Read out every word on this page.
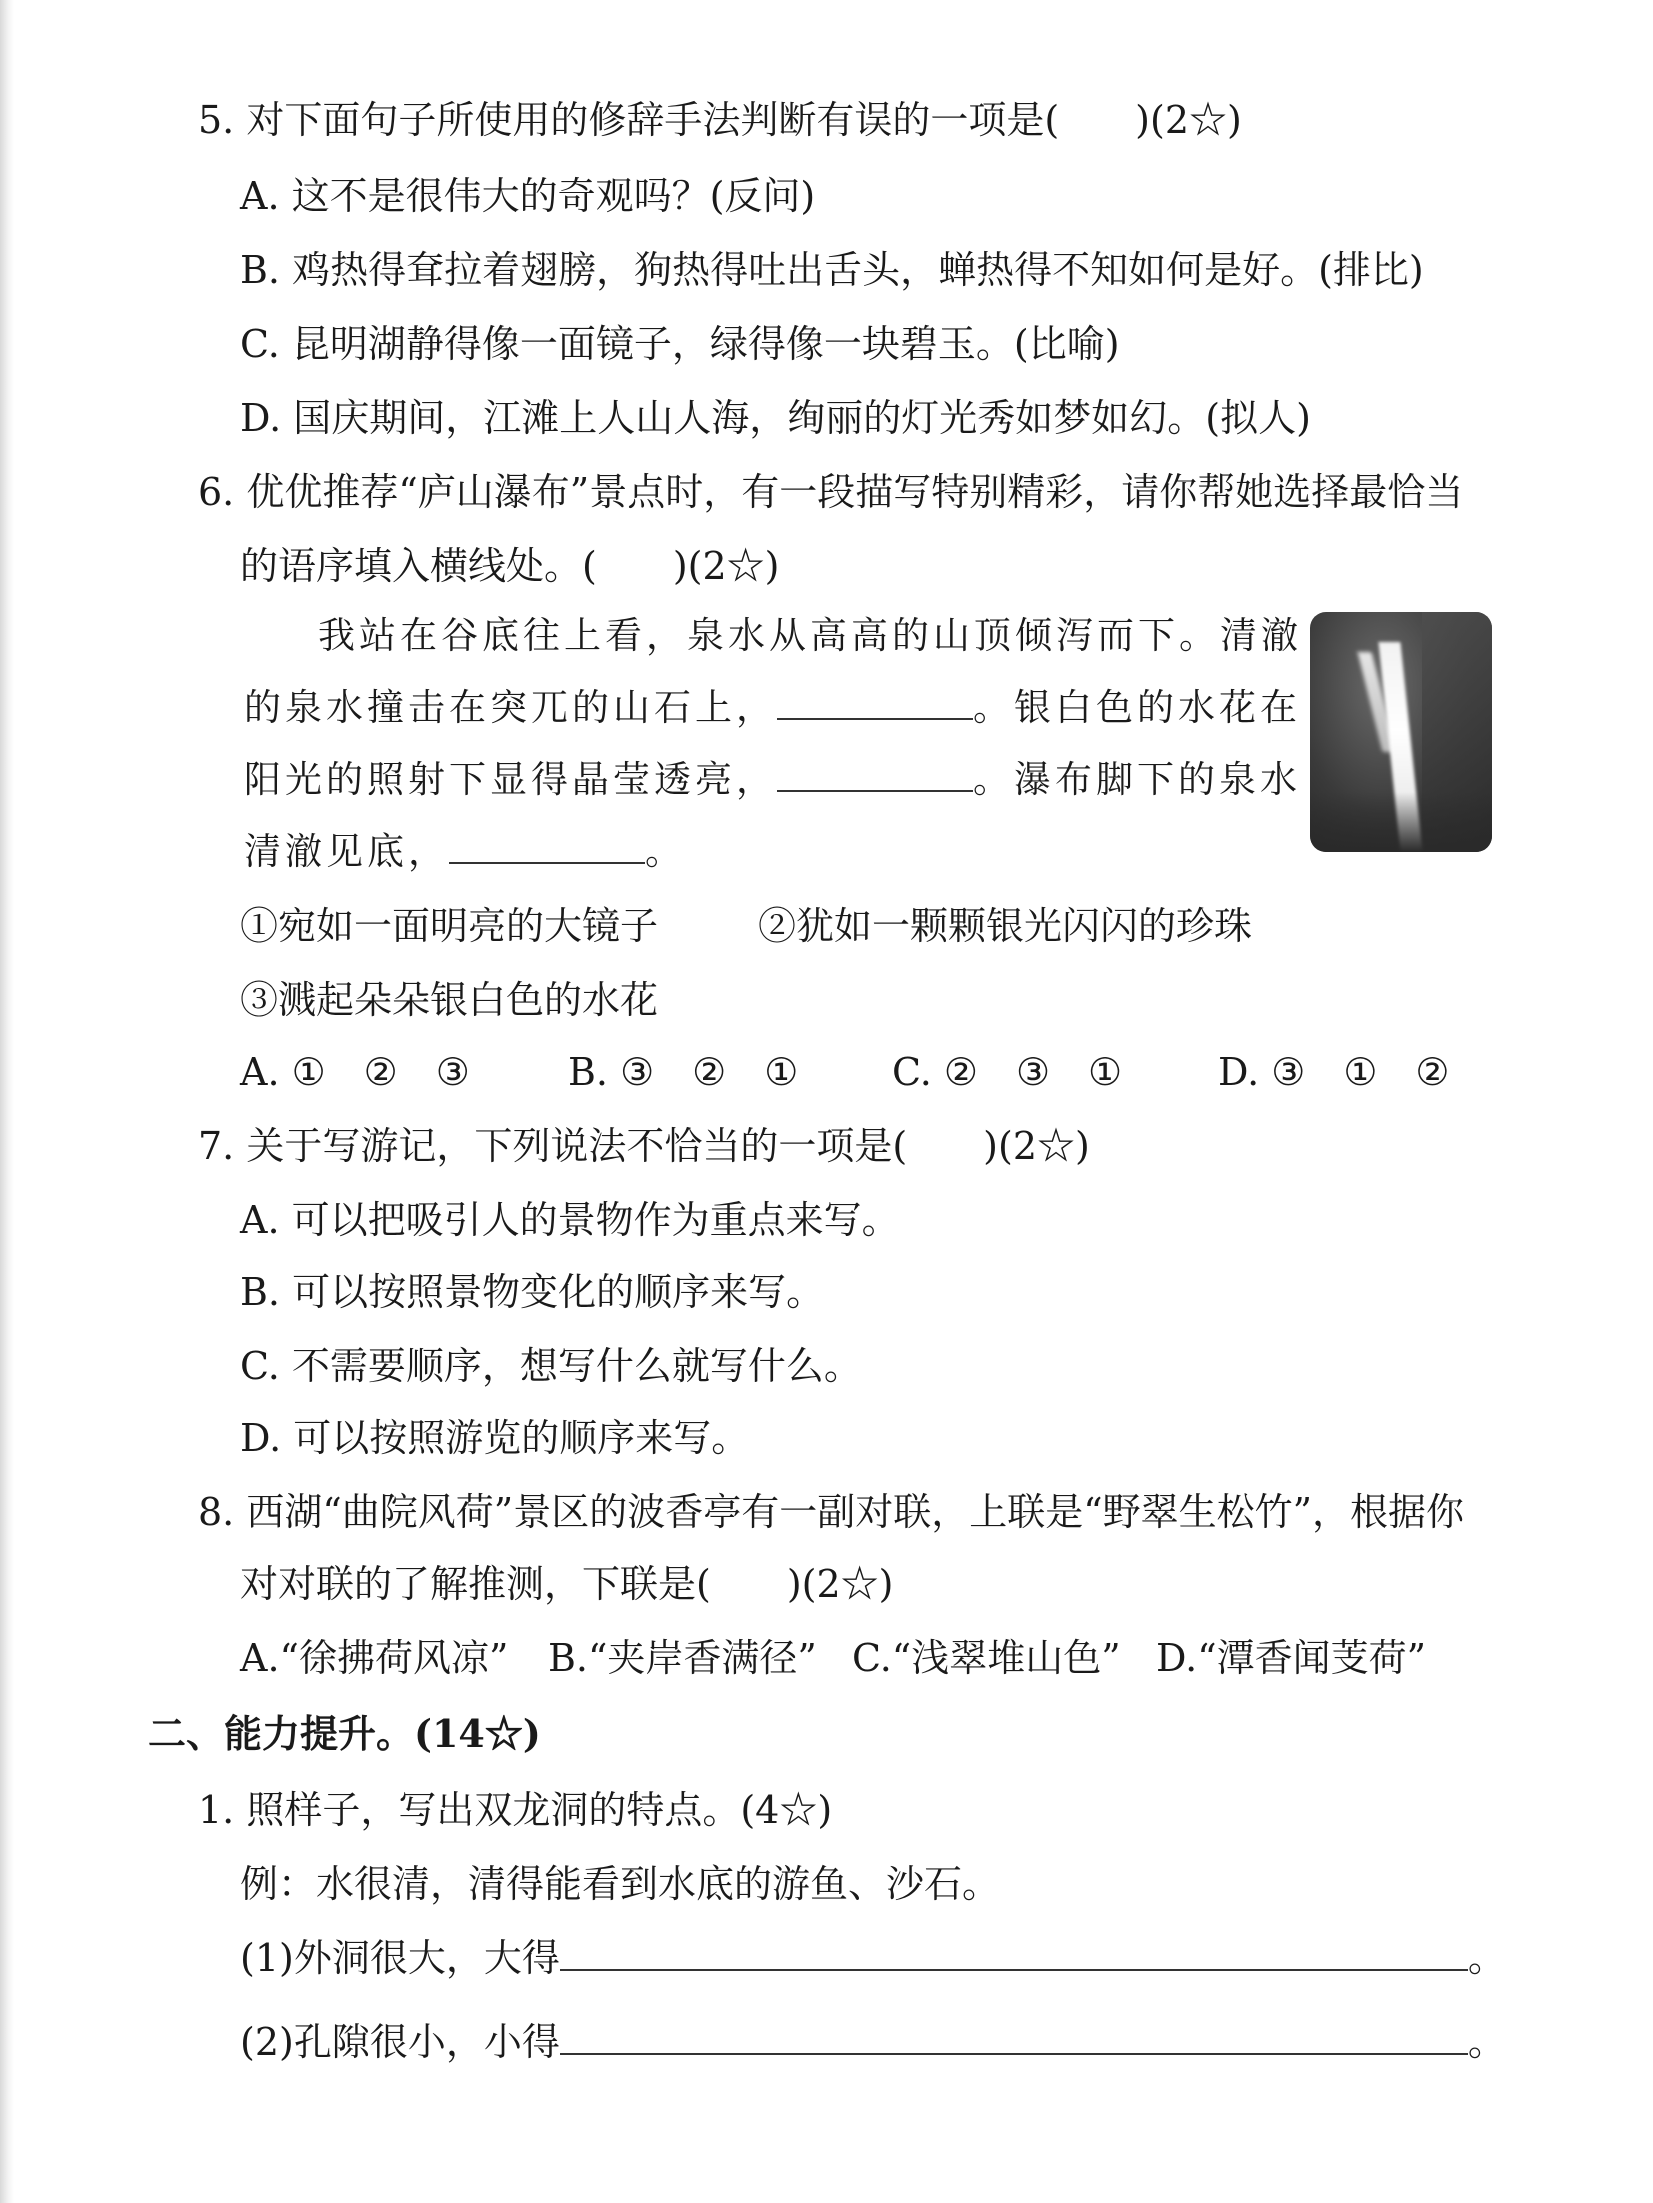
5. 对下面句子所使用的修辞手法判断有误的一项是(　　)(2☆)
A. 这不是很伟大的奇观吗？(反问)
B. 鸡热得耷拉着翅膀，狗热得吐出舌头，蝉热得不知如何是好。(排比)
C. 昆明湖静得像一面镜子，绿得像一块碧玉。(比喻)
D. 国庆期间，江滩上人山人海，绚丽的灯光秀如梦如幻。(拟人)
6. 优优推荐“庐山瀑布”景点时，有一段描写特别精彩，请你帮她选择最恰当
的语序填入横线处。(　　)(2☆)
我站在谷底往上看，泉水从高高的山顶倾泻而下。清澈
的泉水撞击在突兀的山石上，	。银白色的水花在
阳光的照射下显得晶莹透亮，	。瀑布脚下的泉水
清澈见底，	。
①宛如一面明亮的大镜子	②犹如一颗颗银光闪闪的珍珠
③溅起朵朵银白色的水花
A. ①　②　③	B. ③　②　① C. ②　③　①	D. ③　①　②
7. 关于写游记，下列说法不恰当的一项是(　　)(2☆)
A. 可以把吸引人的景物作为重点来写。
B. 可以按照景物变化的顺序来写。
C. 不需要顺序，想写什么就写什么。
D. 可以按照游览的顺序来写。
8. 西湖“曲院风荷”景区的波香亭有一副对联，上联是“野翠生松竹”，根据你
对对联的了解推测，下联是(　　)(2☆)
A.“徐拂荷风凉” B.“夹岸香满径” C.“浅翠堆山色” D.“潭香闻芰荷”
二、能力提升。(14☆)
1. 照样子，写出双龙洞的特点。(4☆)
例：水很清，清得能看到水底的游鱼、沙石。
(1)外洞很大，大得	。
(2)孔隙很小，小得	。
